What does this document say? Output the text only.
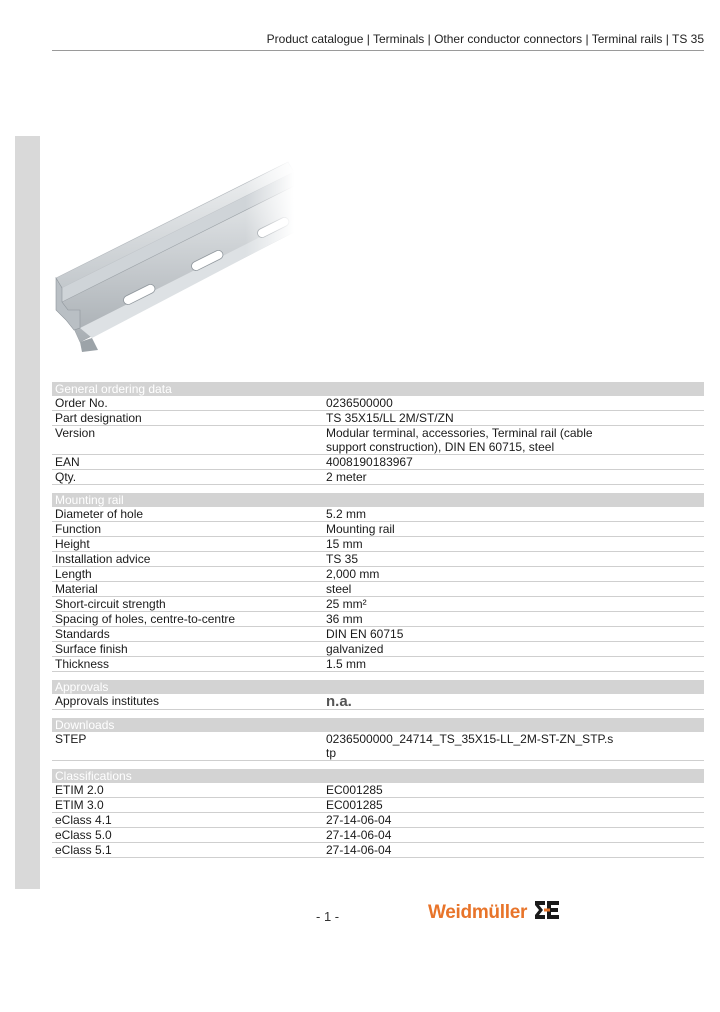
Product catalogue | Terminals | Other conductor connectors | Terminal rails | TS 35
General ordering data
Order No.	0236500000
Part designation	TS 35X15/LL 2M/ST/ZN
Version	Modular terminal, accessories, Terminal rail (cable support construction), DIN EN 60715, steel
EAN	4008190183967
Qty.	2 meter
Mounting rail
Diameter of hole	5.2 mm
Function	Mounting rail
Height	15 mm
Installation advice	TS 35
Length	2,000 mm
Material	steel
Short-circuit strength	25 mm²
Spacing of holes, centre-to-centre	36 mm
Standards	DIN EN 60715
Surface finish	galvanized
Thickness	1.5 mm
Approvals
Approvals institutes	n.a.
Downloads
STEP	0236500000_24714_TS_35X15-LL_2M-ST-ZN_STP.stp
Classifications
ETIM 2.0	EC001285
ETIM 3.0	EC001285
eClass 4.1	27-14-06-04
eClass 5.0	27-14-06-04
eClass 5.1	27-14-06-04
- 1 -	Weidmüller
